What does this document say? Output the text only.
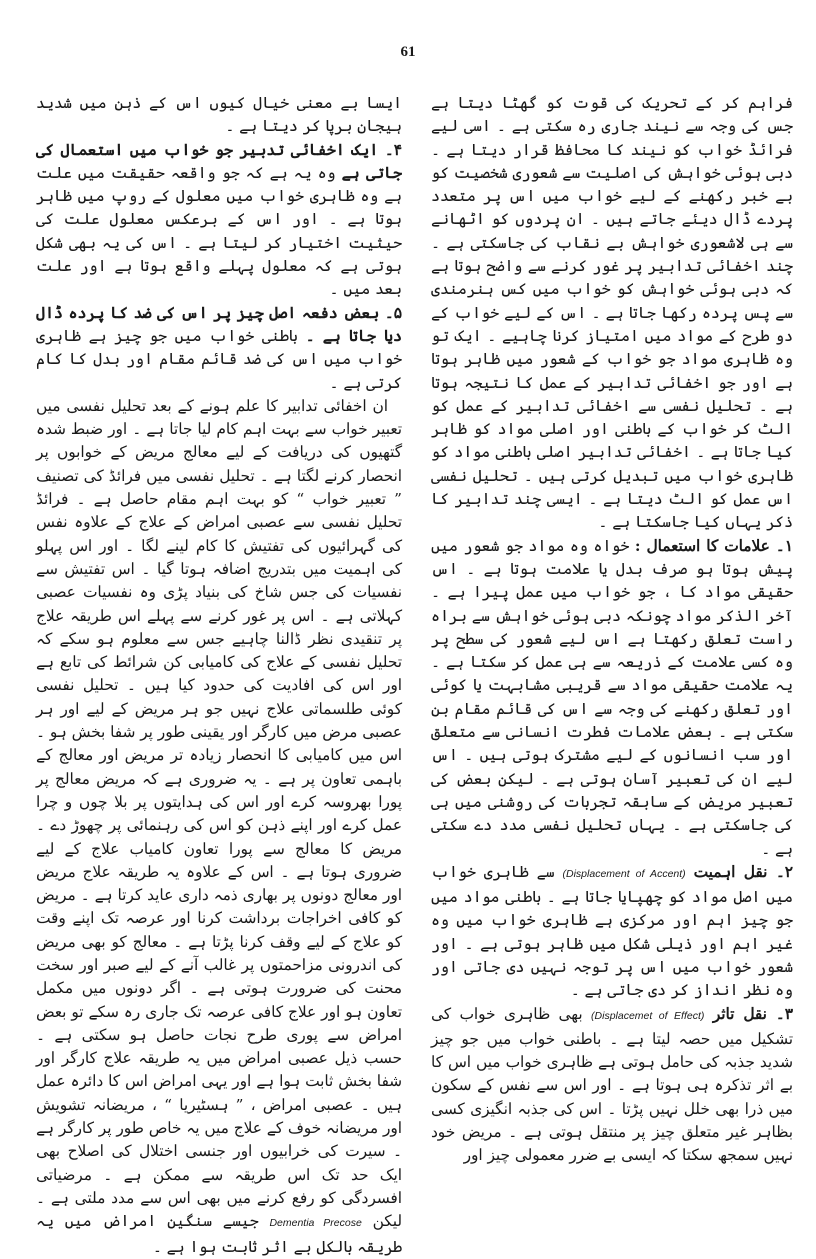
61

فراہم کر کے تحریک کی قوت کو گھٹا دیتا ہے جس کی وجہ سے نیند جاری رہ سکتی ہے ۔ اسی لیے فرائڈ خواب کو نیند کا محافظ قرار دیتا ہے ۔ دبی ہوئی خواہش کی اصلیت سے شعوری شخصیت کو بے خبر رکھنے کے لیے خواب میں اس پر متعدد پردے ڈال دیئے جاتے ہیں ۔ ان پردوں کو اٹھانے سے ہی لاشعوری خواہش بے نقاب کی جاسکتی ہے ۔ چند اخفائی تدابیر پر غور کرنے سے واضح ہوتا ہے کہ دبی ہوئی خواہش کو خواب میں کس ہنرمندی سے پس پردہ رکھا جاتا ہے ۔ اس کے لیے خواب کے دو طرح کے مواد میں امتیاز کرنا چاہیے ۔ ایک تو وہ ظاہری مواد جو خواب کے شعور میں ظاہر ہوتا ہے اور جو اخفائی تدابیر کے عمل کا نتیجہ ہوتا ہے ۔ تحلیل نفسی سے اخفائی تدابیر کے عمل کو الٹ کر خواب کے باطنی اور اصلی مواد کو ظاہر کیا جاتا ہے ۔ اخفائی تدابیر اصلی باطنی مواد کو ظاہری خواب میں تبدیل کرتی ہیں ۔ تحلیل نفسی اس عمل کو الٹ دیتا ہے ۔ ایسی چند تدابیر کا ذکر یہاں کیا جاسکتا ہے ۔

۱۔ علامات کا استعمال : خواہ وہ مواد جو شعور میں پیش ہوتا ہو صرف بدل یا علامت ہوتا ہے ۔ اس حقیقی مواد کا ، جو خواب میں عمل پیرا ہے ۔ آخر الذکر مواد چونکہ دبی ہوئی خواہش سے براہ راست تعلق رکھتا ہے اس لیے شعور کی سطح پر وہ کسی علامت کے ذریعہ سے ہی عمل کر سکتا ہے ۔ یہ علامت حقیقی مواد سے قریبی مشابہت یا کوئی اور تعلق رکھنے کی وجہ سے اس کی قائم مقام بن سکتی ہے ۔ بعض علامات فطرت انسانی سے متعلق اور سب انسانوں کے لیے مشترک ہوتی ہیں ۔ اس لیے ان کی تعبیر آسان ہوتی ہے ۔ لیکن بعض کی تعبیر مریض کے سابقہ تجربات کی روشنی میں ہی کی جاسکتی ہے ۔ یہاں تحلیل نفسی مدد دے سکتی ہے ۔

۲۔ نقل اہمیت (Displacement of Accent) سے ظاہری خواب میں اصل مواد کو چھپایا جاتا ہے ۔ باطنی مواد میں جو چیز اہم اور مرکزی ہے ظاہری خواب میں وہ غیر اہم اور ذیلی شکل میں ظاہر ہوتی ہے ۔ اور شعور خواب میں اس پر توجہ نہیں دی جاتی اور وہ نظر انداز کر دی جاتی ہے ۔

۳۔ نقل تاثر (Displacemet of Effect) بھی ظاہری خواب کی تشکیل میں حصہ لیتا ہے ۔ باطنی خواب میں جو چیز شدید جذبہ کی حامل ہوتی ہے ظاہری خواب میں اس کا بے اثر تذکرہ ہی ہوتا ہے ۔ اور اس سے نفس کے سکون میں ذرا بھی خلل نہیں پڑتا ۔ اس کی جذبہ انگیزی کسی بظاہر غیر متعلق چیز پر منتقل ہوتی ہے ۔ مریض خود نہیں سمجھ سکتا کہ ایسی بے ضرر معمولی چیز اور

ایسا بے معنی خیال کیوں اس کے ذہن میں شدید ہیجان برپا کر دیتا ہے ۔

۴۔ ایک اخفائی تدبیر جو خواب میں استعمال کی جاتی ہے وہ یہ ہے کہ جو واقعہ حقیقت میں علت ہے وہ ظاہری خواب میں معلول کے روپ میں ظاہر ہوتا ہے ۔ اور اس کے برعکس معلول علت کی حیثیت اختیار کر لیتا ہے ۔ اس کی یہ بھی شکل ہوتی ہے کہ معلول پہلے واقع ہوتا ہے اور علت بعد میں ۔

۵۔ بعض دفعہ اصل چیز پر اس کی ضد کا پردہ ڈال دیا جاتا ہے ۔ باطنی خواب میں جو چیز ہے ظاہری خواب میں اس کی ضد قائم مقام اور بدل کا کام کرتی ہے ۔

ان اخفائی تدابیر کا علم ہونے کے بعد تحلیل نفسی میں تعبیر خواب سے بہت اہم کام لیا جاتا ہے ۔ اور ضبط شدہ گتھیوں کی دریافت کے لیے معالج مریض کے خوابوں پر انحصار کرنے لگتا ہے ۔ تحلیل نفسی میں فرائڈ کی تصنیف ” تعبیر خواب “ کو بہت اہم مقام حاصل ہے ۔ فرائڈ تحلیل نفسی سے عصبی امراض کے علاج کے علاوہ نفس کی گہرائیوں کی تفتیش کا کام لینے لگا ۔ اور اس پہلو کی اہمیت میں بتدریج اضافہ ہوتا گیا ۔ اس تفتیش سے نفسیات کی جس شاخ کی بنیاد پڑی وہ نفسیات عصبی کہلاتی ہے ۔ اس پر غور کرنے سے پہلے اس طریقہ علاج پر تنقیدی نظر ڈالنا چاہیے جس سے معلوم ہو سکے کہ تحلیل نفسی کے علاج کی کامیابی کن شرائط کی تابع ہے اور اس کی افادیت کی حدود کیا ہیں ۔ تحلیل نفسی کوئی طلسماتی علاج نہیں جو ہر مریض کے لیے اور ہر عصبی مرض میں کارگر اور یقینی طور پر شفا بخش ہو ۔ اس میں کامیابی کا انحصار زیادہ تر مریض اور معالج کے باہمی تعاون پر ہے ۔ یہ ضروری ہے کہ مریض معالج پر پورا بھروسہ کرے اور اس کی ہدایتوں پر بلا چوں و چرا عمل کرے اور اپنے ذہن کو اس کی رہنمائی پر چھوڑ دے ۔ مریض کا معالج سے پورا تعاون کامیاب علاج کے لیے ضروری ہوتا ہے ۔ اس کے علاوہ یہ طریقہ علاج مریض اور معالج دونوں پر بھاری ذمہ داری عاید کرتا ہے ۔ مریض کو کافی اخراجات برداشت کرنا اور عرصہ تک اپنے وقت کو علاج کے لیے وقف کرنا پڑتا ہے ۔ معالج کو بھی مریض کی اندرونی مزاحمتوں پر غالب آنے کے لیے صبر اور سخت محنت کی ضرورت ہوتی ہے ۔ اگر دونوں میں مکمل تعاون ہو اور علاج کافی عرصہ تک جاری رہ سکے تو بعض امراض سے پوری طرح نجات حاصل ہو سکتی ہے ۔ حسب ذیل عصبی امراض میں یہ طریقہ علاج کارگر اور شفا بخش ثابت ہوا ہے اور یہی امراض اس کا دائرہ عمل ہیں ۔ عصبی امراض ، ” ہسٹیریا “ ، مریضانہ تشویش اور مریضانہ خوف کے علاج میں یہ خاص طور پر کارگر ہے ۔ سیرت کی خرابیوں اور جنسی اختلال کی اصلاح بھی ایک حد تک اس طریقہ سے ممکن ہے ۔ مرضیاتی افسردگی کو رفع کرنے میں بھی اس سے مدد ملتی ہے ۔ لیکن Dementia Precose جیسے سنگین امراض میں یہ طریقہ بالکل بے اثر ثابت ہوا ہے ۔
